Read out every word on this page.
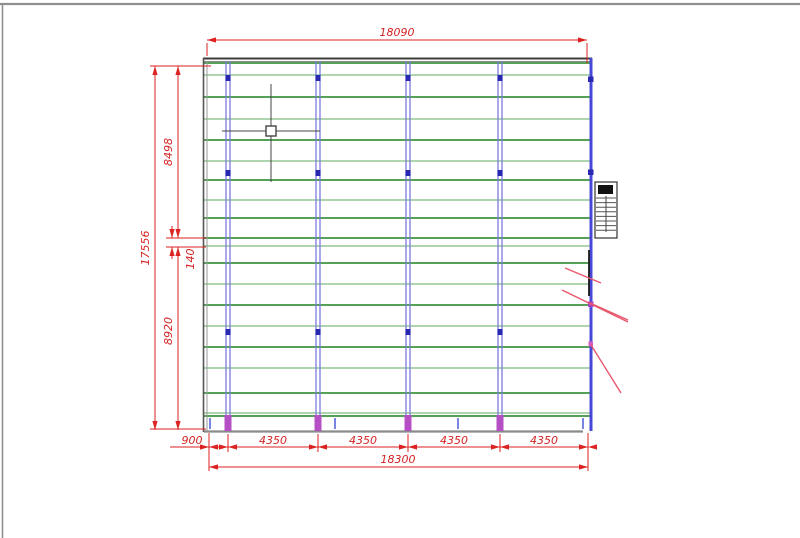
18090
17556
8498
140
8920
900	4350	4350	4350	4350
18300
